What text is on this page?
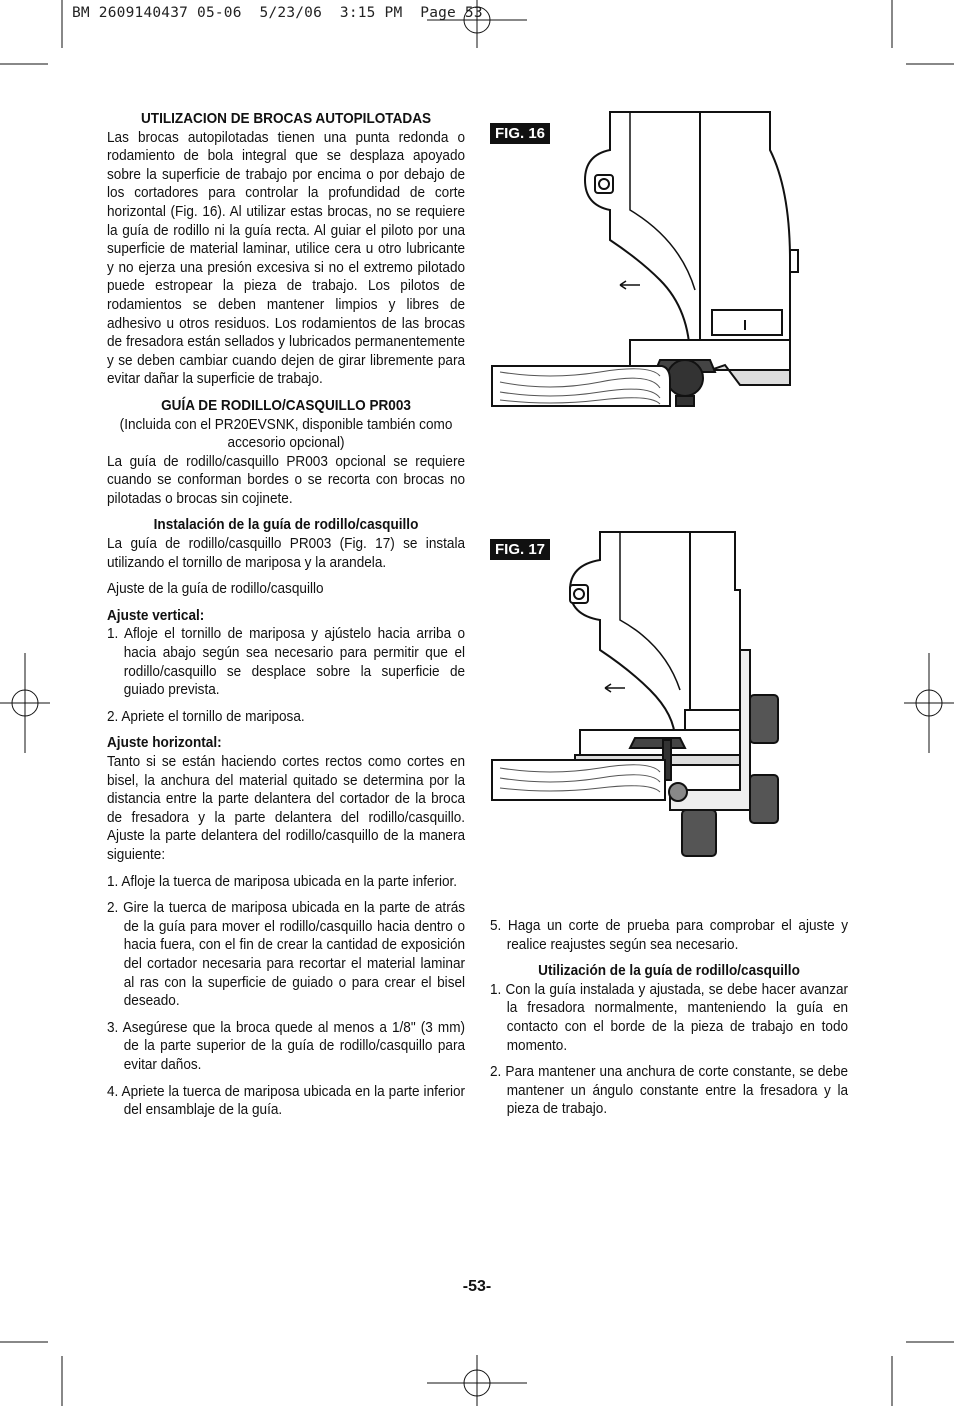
BM 2609140437 05-06  5/23/06  3:15 PM  Page 53

UTILIZACION DE BROCAS AUTOPILOTADAS

Las brocas autopilotadas tienen una punta redonda o rodamiento de bola integral que se desplaza apoyado sobre la superficie de trabajo por encima o por debajo de los cortadores para controlar la profundidad de corte horizontal (Fig. 16). Al utilizar estas brocas, no se requiere la guía de rodillo ni la guía recta. Al guiar el piloto por una superficie de material laminar, utilice cera u otro lubricante y no ejerza una presión excesiva si no el extremo pilotado puede estropear la pieza de trabajo. Los pilotos de rodamientos se deben mantener limpios y libres de adhesivo u otros residuos. Los rodamientos de las brocas de fresadora están sellados y lubricados permanentemente y se deben cambiar cuando dejen de girar libremente para evitar dañar la superficie de trabajo.

GUÍA DE RODILLO/CASQUILLO PR003

(Incluida con el PR20EVSNK, disponible también como accesorio opcional)

La guía de rodillo/casquillo PR003 opcional se requiere cuando se conforman bordes o se recorta con brocas no pilotadas o brocas sin cojinete.

Instalación de la guía de rodillo/casquillo

La guía de rodillo/casquillo PR003 (Fig. 17) se instala utilizando el tornillo de mariposa y la arandela.

Ajuste de la guía de rodillo/casquillo

Ajuste vertical:

1. Afloje el tornillo de mariposa y ajústelo hacia arriba o hacia abajo según sea necesario para permitir que el rodillo/casquillo se desplace sobre la superficie de guiado prevista.

2. Apriete el tornillo de mariposa.

Ajuste horizontal:

Tanto si se están haciendo cortes rectos como cortes en bisel, la anchura del material quitado se determina por la distancia entre la parte delantera del cortador de la broca de fresadora y la parte delantera del rodillo/casquillo. Ajuste la parte delantera del rodillo/casquillo de la manera siguiente:

1. Afloje la tuerca de mariposa ubicada en la parte inferior.

2. Gire la tuerca de mariposa ubicada en la parte de atrás de la guía para mover el rodillo/casquillo hacia dentro o hacia fuera, con el fin de crear la cantidad de exposición del cortador necesaria para recortar el material laminar al ras con la superficie de guiado o para crear el bisel deseado.

3. Asegúrese que la broca quede al menos a 1/8" (3 mm) de la parte superior de la guía de rodillo/casquillo para evitar daños.

4. Apriete la tuerca de mariposa ubicada en la parte inferior del ensamblaje de la guía.

FIG. 16
FIG. 17

5. Haga un corte de prueba para comprobar el ajuste y realice reajustes según sea necesario.

Utilización de la guía de rodillo/casquillo

1. Con la guía instalada y ajustada, se debe hacer avanzar la fresadora normalmente, manteniendo la guía en contacto con el borde de la pieza de trabajo en todo momento.

2. Para mantener una anchura de corte constante, se debe mantener un ángulo constante entre la fresadora y la pieza de trabajo.

-53-
